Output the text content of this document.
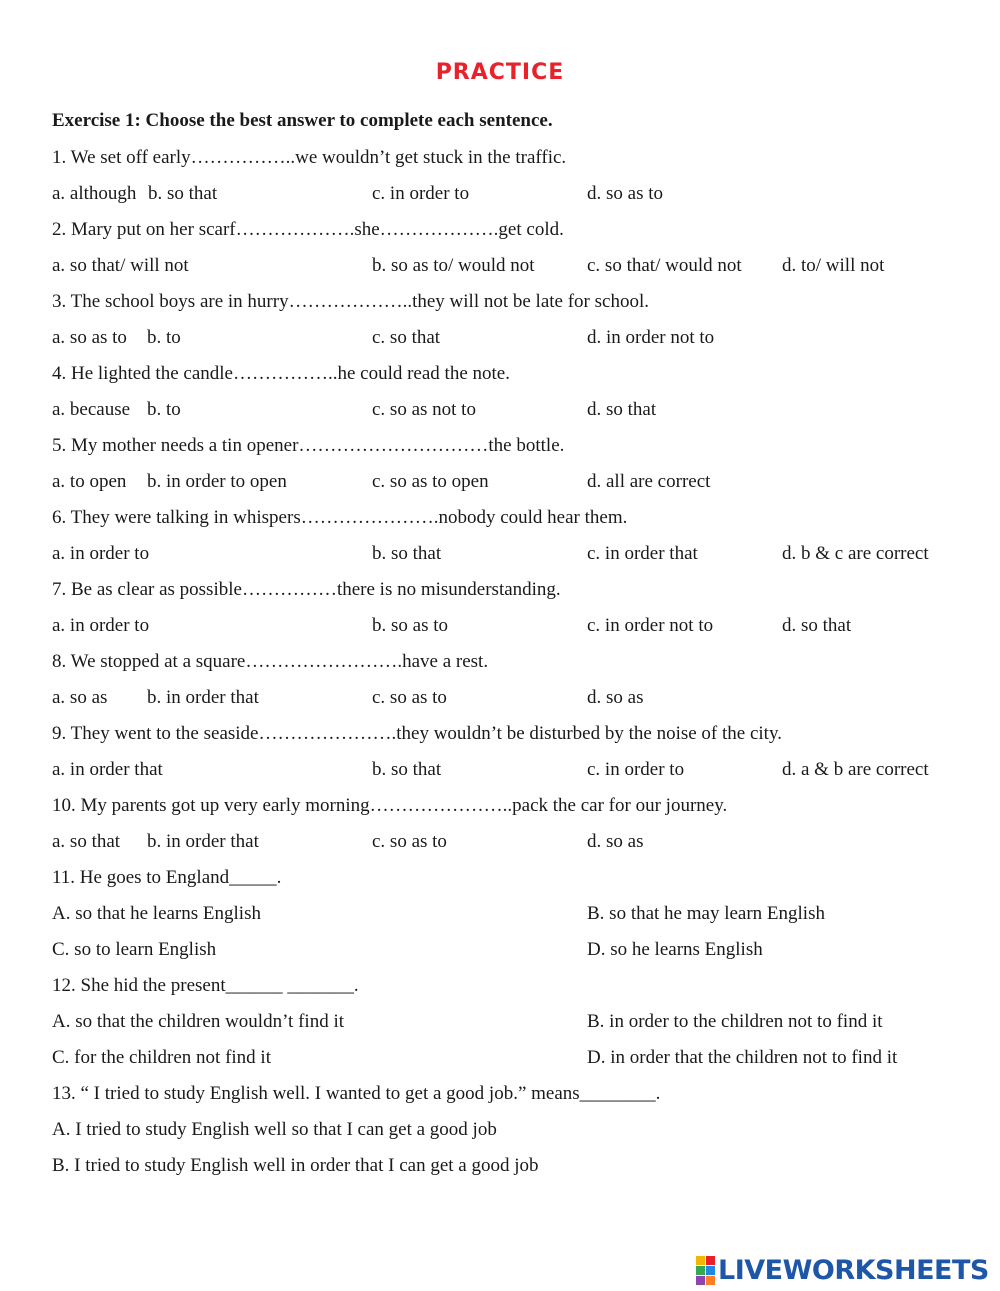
PRACTICE
Exercise 1: Choose the best answer to complete each sentence.
1. We set off early……………..we wouldn’t get stuck in the traffic.
a. although b. so that	c. in order to	d. so as to
2. Mary put on her scarf……………….she……………….get cold.
a. so that/ will not	b. so as to/ would not	c. so that/ would not d. to/ will not
3. The school boys are in hurry………………..they will not be late for school.
a. so as to b. to	c. so that	d. in order not to
4. He lighted the candle……………..he could read the note.
a. because b. to	c. so as not to	d. so that
5. My mother needs a tin opener…………………………the bottle.
a. to open b. in order to open	c. so as to open	d. all are correct
6. They were talking in whispers………………….nobody could hear them.
a. in order to	b. so that	c. in order that	d. b & c are correct
7. Be as clear as possible……………there is no misunderstanding.
a. in order to	b. so as to	c. in order not to	d. so that
8. We stopped at a square…………………….have a rest.
a. so as b. in order that	c. so as to	d. so as
9. They went to the seaside………………….they wouldn’t be disturbed by the noise of the city.
a. in order that	b. so that	c. in order to	d. a & b are correct
10. My parents got up very early morning…………………..pack the car for our journey.
a. so that b. in order that	c. so as to	d. so as
11. He goes to England_____.
A. so that he learns English	B. so that he may learn English
C. so to learn English	D. so he learns English
12. She hid the present______ _______.
A. so that the children wouldn’t find it	B. in order to the children not to find it
C. for the children not find it	D. in order that the children not to find it
13. “ I tried to study English well. I wanted to get a good job.” means________.
A. I tried to study English well so that I can get a good job
B. I tried to study English well in order that I can get a good job
LIVEWORKSHEETS
